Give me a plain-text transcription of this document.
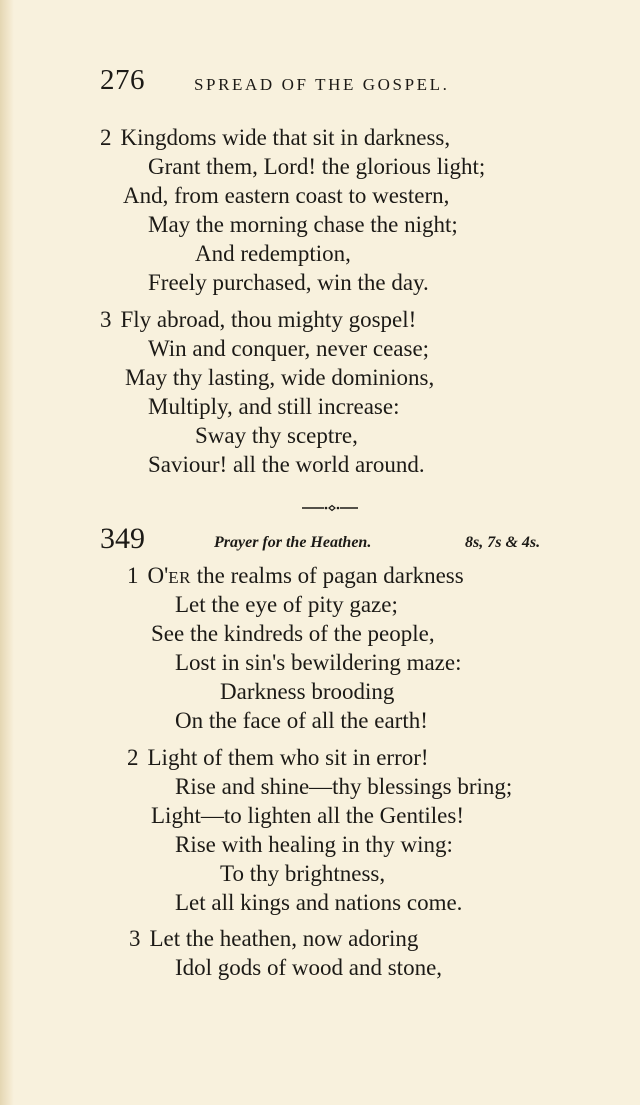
276	SPREAD OF THE GOSPEL.
2 Kingdoms wide that sit in darkness,
Grant them, Lord! the glorious light;
And, from eastern coast to western,
May the morning chase the night;
And redemption,
Freely purchased, win the day.
3 Fly abroad, thou mighty gospel!
Win and conquer, never cease;
May thy lasting, wide dominions,
Multiply, and still increase:
Sway thy sceptre,
Saviour! all the world around.
349	Prayer for the Heathen.	8s, 7s & 4s.
1 O'ER the realms of pagan darkness
Let the eye of pity gaze;
See the kindreds of the people,
Lost in sin's bewildering maze:
Darkness brooding
On the face of all the earth!
2 Light of them who sit in error!
Rise and shine—thy blessings bring;
Light—to lighten all the Gentiles!
Rise with healing in thy wing:
To thy brightness,
Let all kings and nations come.
3 Let the heathen, now adoring
Idol gods of wood and stone,
